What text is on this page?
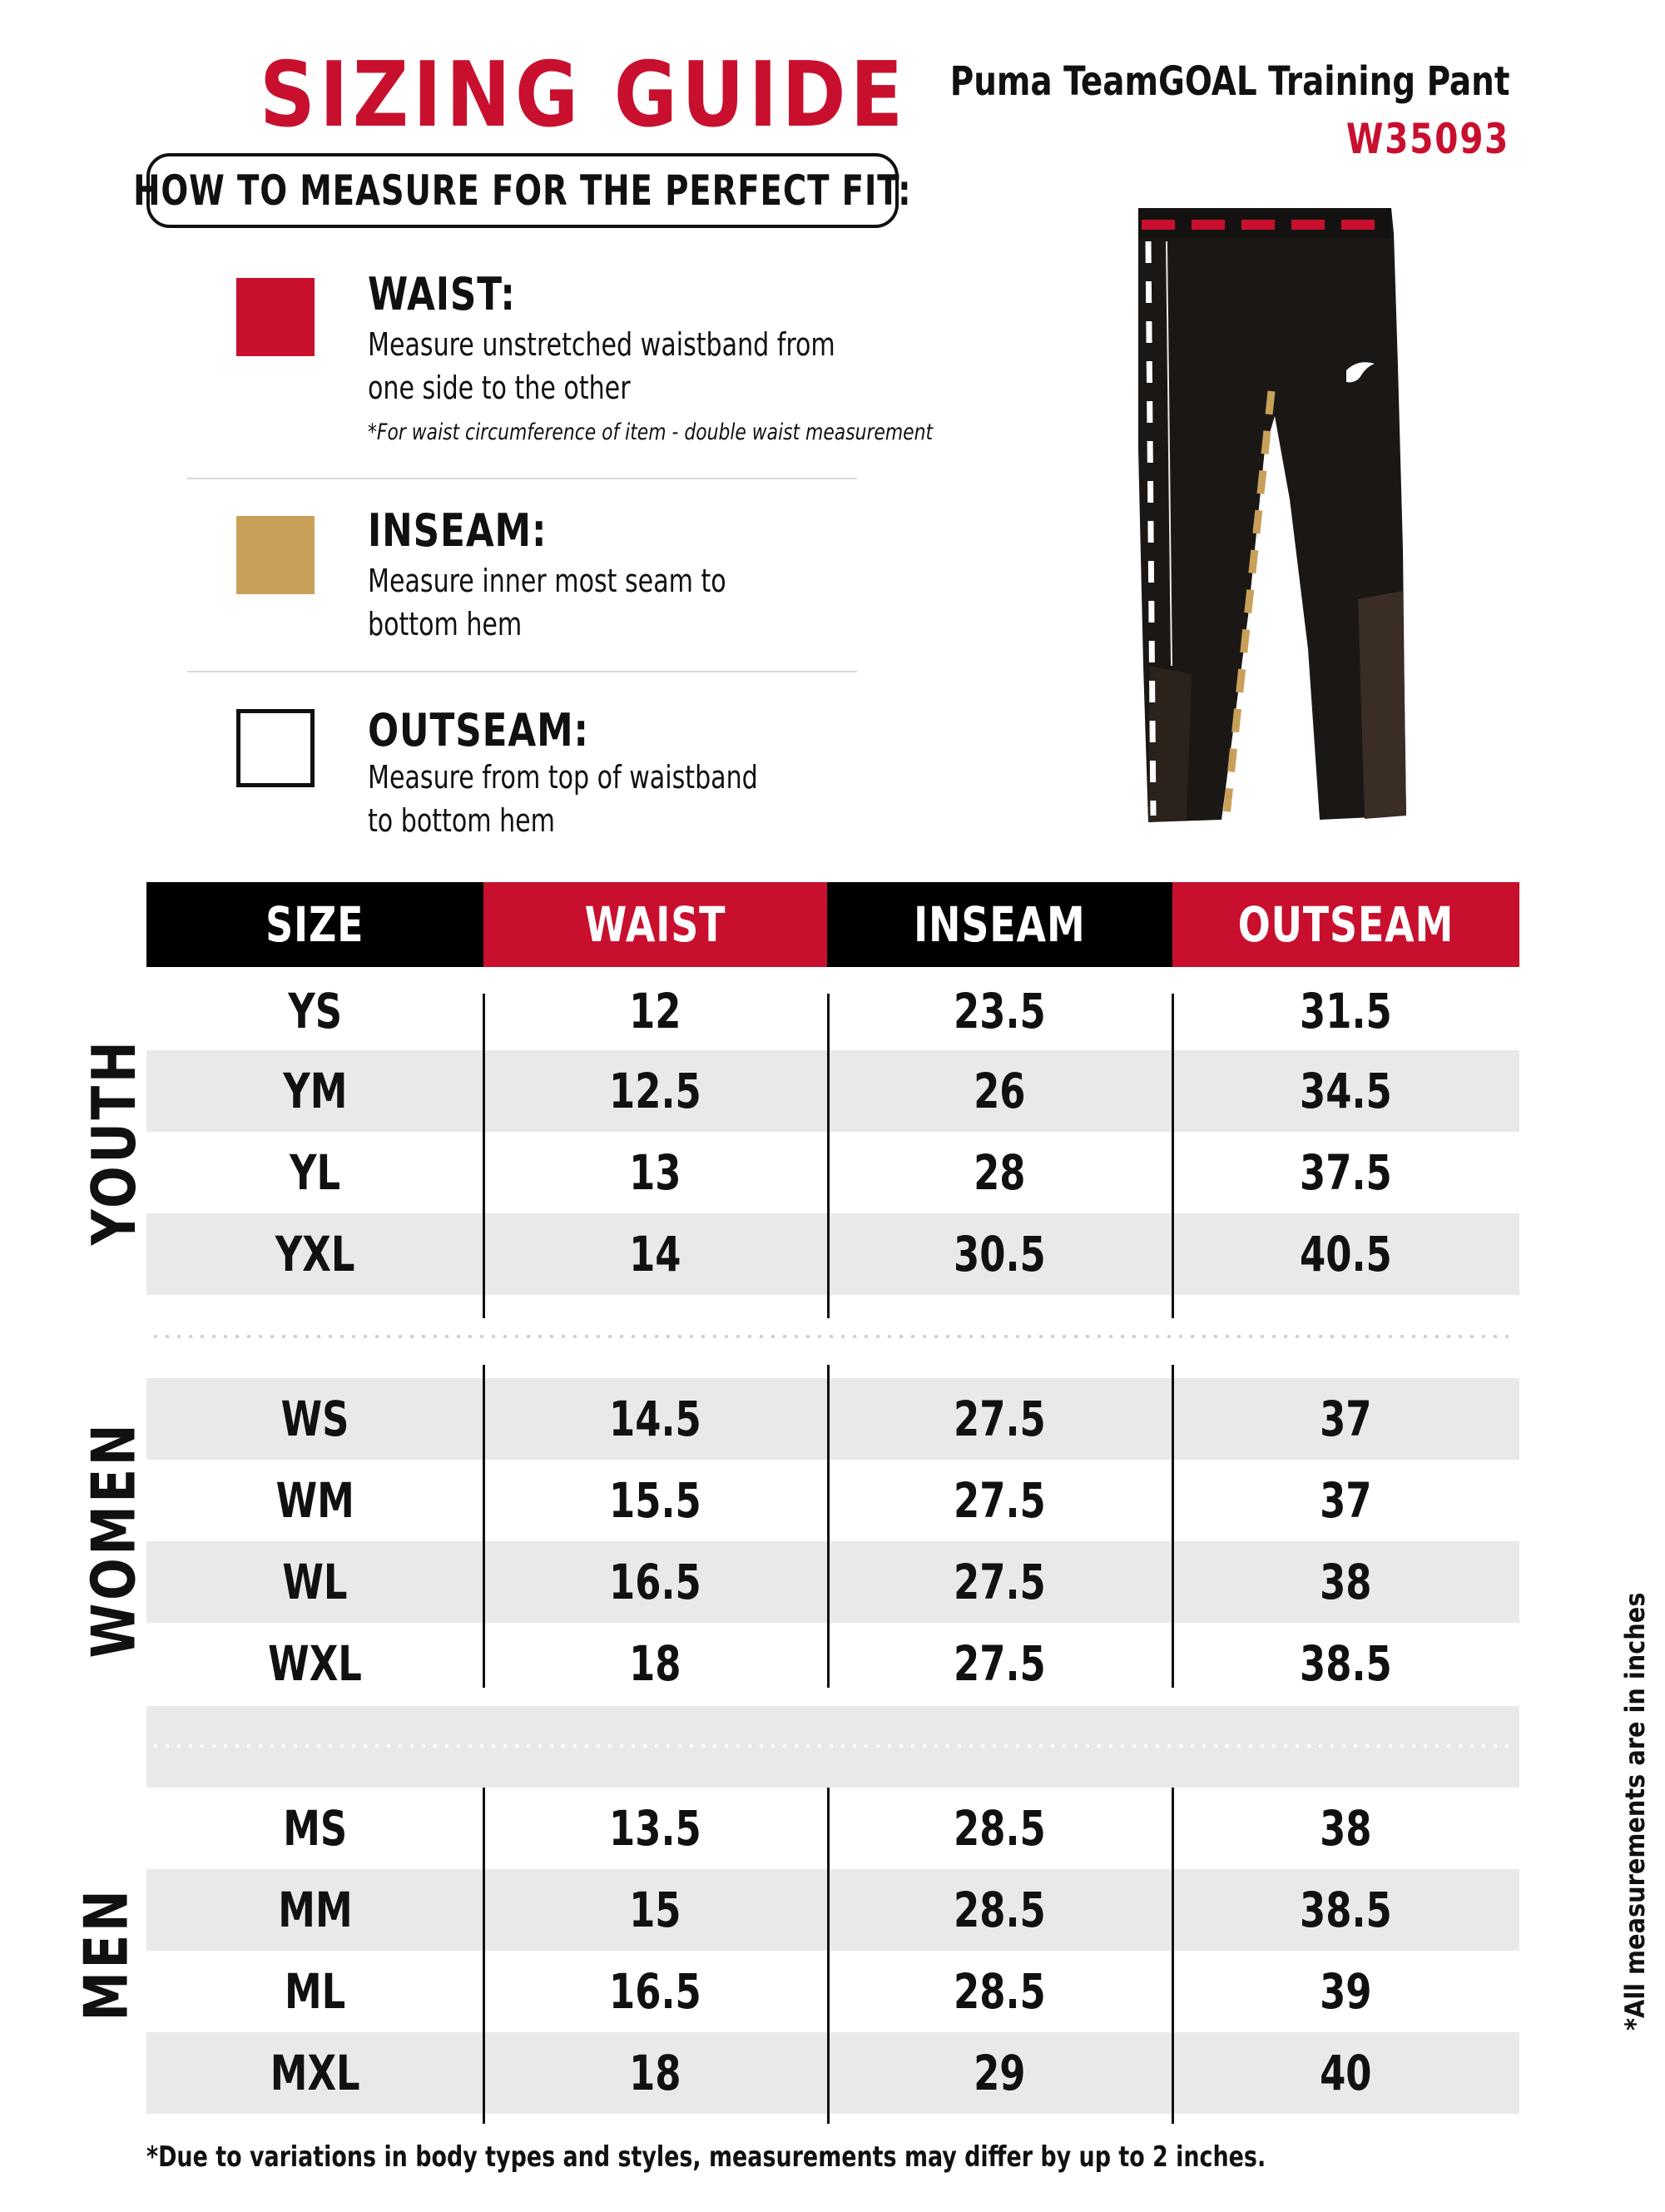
SIZING GUIDE Puma TeamGOAL Training Pant
W35093
HOW TO MEASURE FOR THE PERFECT FIT:
WAIST:
Measure unstretched waistband from
one side to the other
*For waist circumference of item - double waist measurement
INSEAM:
Measure inner most seam to
bottom hem
OUTSEAM:
Measure from top of waistband
to bottom hem
SIZE	WAIST	INSEAM	OUTSEAM
YS	12	23.5	31.5
YM	12.5	26	34.5
YL	13	28	37.5
YXL	14	30.5	40.5
WS	14.5	27.5	37
WM	15.5	27.5	37
WL	16.5	27.5	38
WXL	18	27.5	38.5
MS	13.5	28.5	38
MM	15	28.5	38.5
ML	16.5	28.5	39
MXL	18	29	40
YOUTH
WOMEN
MEN	*All measurements are in inches
*Due to variations in body types and styles, measurements may differ by up to 2 inches.
